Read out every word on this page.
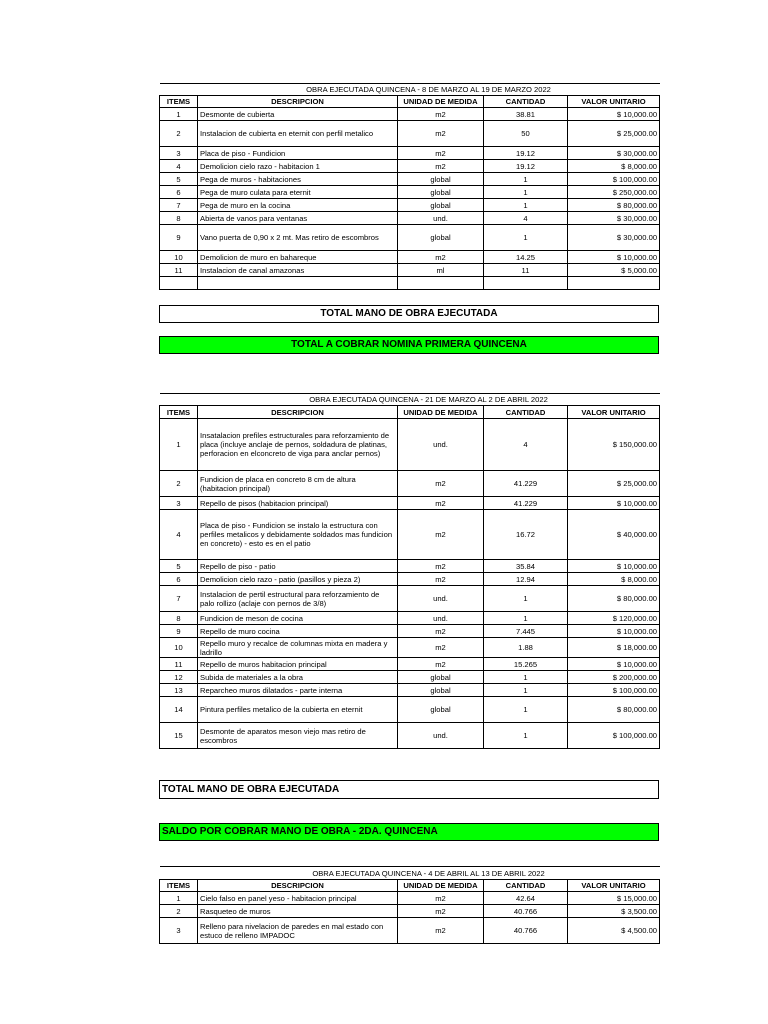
OBRA EJECUTADA QUINCENA - 8 DE MARZO AL 19 DE MARZO 2022				
ITEMS	DESCRIPCION	UNIDAD DE MEDIDA	CANTIDAD	VALOR UNITARIO
1	Desmonte de cubierta	m2	38.81	$ 10,000.00
2	Instalacion de cubierta en eternit con perfil metalico	m2	50	$ 25,000.00
3	Placa de piso - Fundicion	m2	19.12	$ 30,000.00
4	Demolicion cielo razo - habitacion 1	m2	19.12	$ 8,000.00
5	Pega de muros - habitaciones	global	1	$ 100,000.00
6	Pega de muro culata para eternit	global	1	$ 250,000.00
7	Pega de muro en la cocina	global	1	$ 80,000.00
8	Abierta de vanos para ventanas	und.	4	$ 30,000.00
9	Vano puerta de 0,90 x 2 mt. Mas retiro de escombros	global	1	$ 30,000.00
10	Demolicion de muro en bahareque	m2	14.25	$ 10,000.00
11	Instalacion de canal amazonas	ml	11	$ 5,000.00

TOTAL MANO DE OBRA EJECUTADA
TOTAL A COBRAR NOMINA PRIMERA QUINCENA
OBRA EJECUTADA QUINCENA - 21 DE MARZO AL 2 DE ABRIL 2022				
ITEMS	DESCRIPCION	UNIDAD DE MEDIDA	CANTIDAD	VALOR UNITARIO
1	Insatalacion prefiles estructurales para reforzamiento de placa (incluye anclaje de pernos, soldadura de platinas, perforacion en elconcreto de viga para anclar pernos)	und.	4	$ 150,000.00
2	Fundicion de placa en concreto 8 cm de altura (habitacion principal)	m2	41.229	$ 25,000.00
3	Repello de pisos (habitacion principal)	m2	41.229	$ 10,000.00
4	Placa de piso - Fundicion se instalo la estructura con perfiles metalicos y debidamente soldados mas fundicion en concreto) - esto es en el patio	m2	16.72	$ 40,000.00
5	Repello de piso - patio	m2	35.84	$ 10,000.00
6	Demolicion cielo razo - patio (pasillos y pieza 2)	m2	12.94	$ 8,000.00
7	Instalacion de pertil estructural para reforzamiento de palo rollizo (aclaje con pernos de 3/8)	und.	1	$ 80,000.00
8	Fundicion de meson de cocina	und.	1	$ 120,000.00
9	Repello de muro cocina	m2	7.445	$ 10,000.00
10	Repello muro y recalce de columnas mixta en madera y ladrillo	m2	1.88	$ 18,000.00
11	Repello de muros habitacion principal	m2	15.265	$ 10,000.00
12	Subida de materiales a la obra	global	1	$ 200,000.00
13	Reparcheo muros dilatados - parte interna	global	1	$ 100,000.00
14	Pintura perfiles metalico de la cubierta en eternit	global	1	$ 80,000.00
15	Desmonte de aparatos meson viejo mas retiro de escombros	und.	1	$ 100,000.00
TOTAL MANO DE OBRA EJECUTADA
SALDO POR COBRAR MANO DE OBRA - 2DA. QUINCENA
OBRA EJECUTADA QUINCENA - 4 DE ABRIL AL 13 DE ABRIL 2022				
ITEMS	DESCRIPCION	UNIDAD DE MEDIDA	CANTIDAD	VALOR UNITARIO
1	Cielo falso en panel yeso - habitacion principal	m2	42.64	$ 15,000.00
2	Rasqueteo de muros	m2	40.766	$ 3,500.00
3	Relleno para nivelacion de paredes en mal estado con estuco de relleno IMPADOC	m2	40.766	$ 4,500.00
